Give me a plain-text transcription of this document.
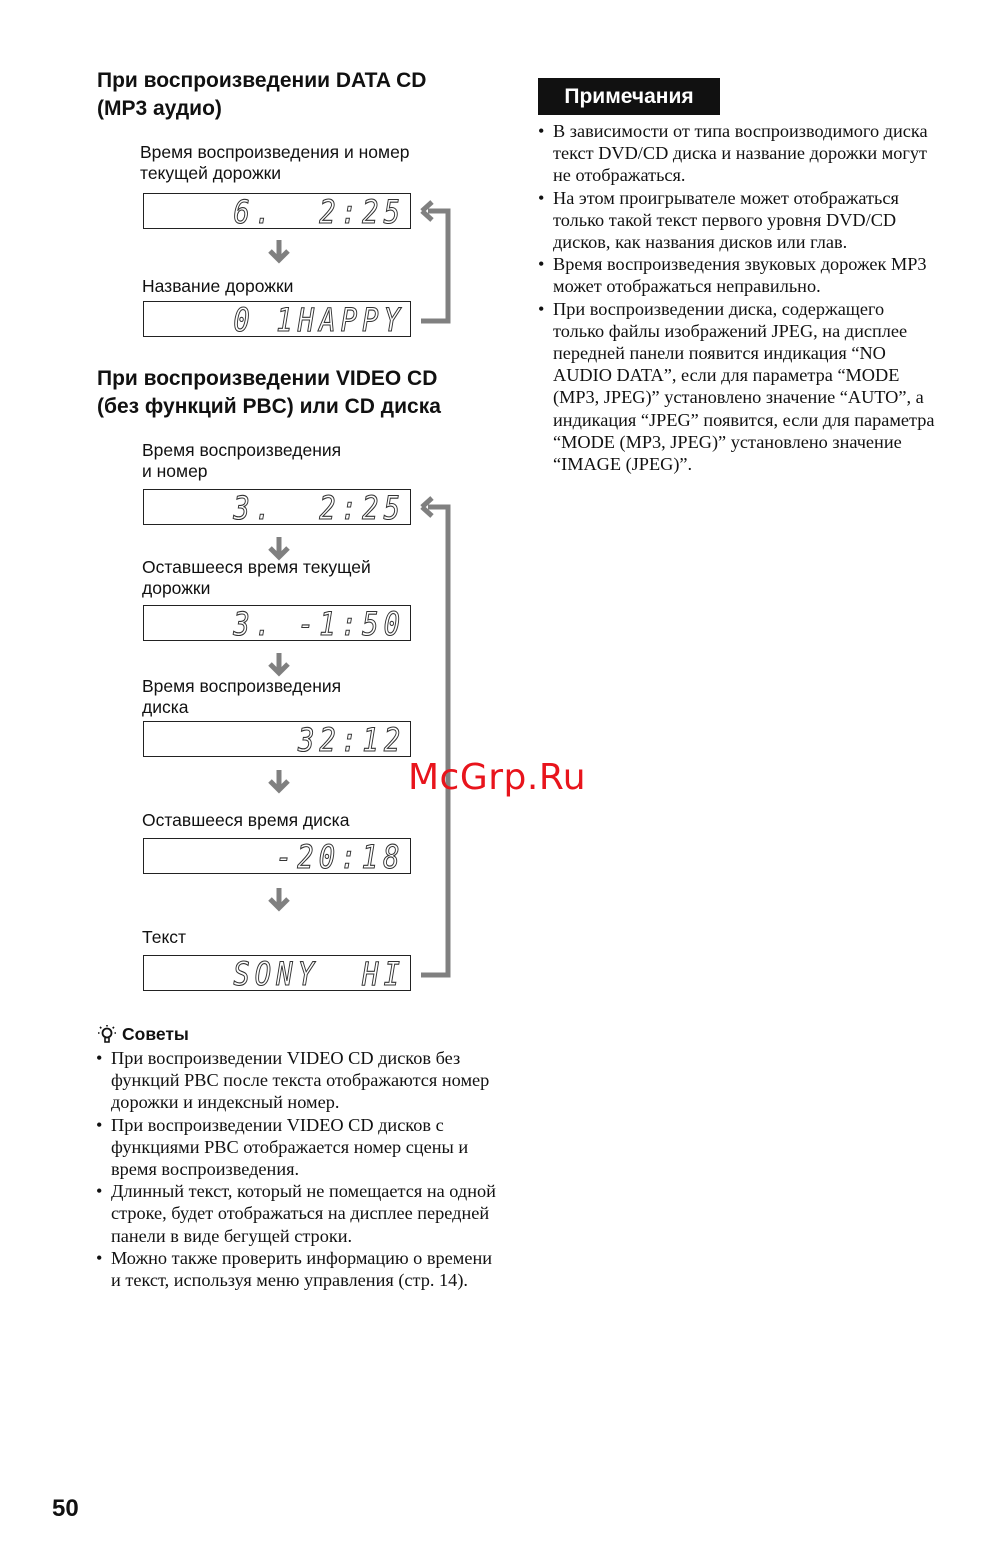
При воспроизведении DATA CD
(MP3 аудио)
Время воспроизведения и номер
текущей дорожки
6.  2:25
Название дорожки
0 1HAPPY
При воспроизведении VIDEO CD
(без функций PBC) или CD диска
Время воспроизведения
и номер
3.  2:25
Оставшееся время текущей
дорожки
3. -1:50
Время воспроизведения
диска
32:12
Оставшееся время диска
-20:18
Текст
SONY  HI
Советы
• При воспроизведении VIDEO CD дисков без функций PBC после текста отображаются номер дорожки и индексный номер.
• При воспроизведении VIDEO CD дисков с функциями PBC отображается номер сцены и время воспроизведения.
• Длинный текст, который не помещается на одной строке, будет отображаться на дисплее передней панели в виде бегущей строки.
• Можно также проверить информацию о времени и текст, используя меню управления (стр. 14).
Примечания
• В зависимости от типа воспроизводимого диска текст DVD/CD диска и название дорожки могут не отображаться.
• На этом проигрывателе может отображаться только такой текст первого уровня DVD/CD дисков, как названия дисков или глав.
• Время воспроизведения звуковых дорожек MP3 может отображаться неправильно.
• При воспроизведении диска, содержащего только файлы изображений JPEG, на дисплее передней панели появится индикация “NO AUDIO DATA”, если для параметра “MODE (MP3, JPEG)” установлено значение “AUTO”, а индикация “JPEG” появится, если для параметра “MODE (MP3, JPEG)” установлено значение “IMAGE (JPEG)”.
McGrp.Ru
50
